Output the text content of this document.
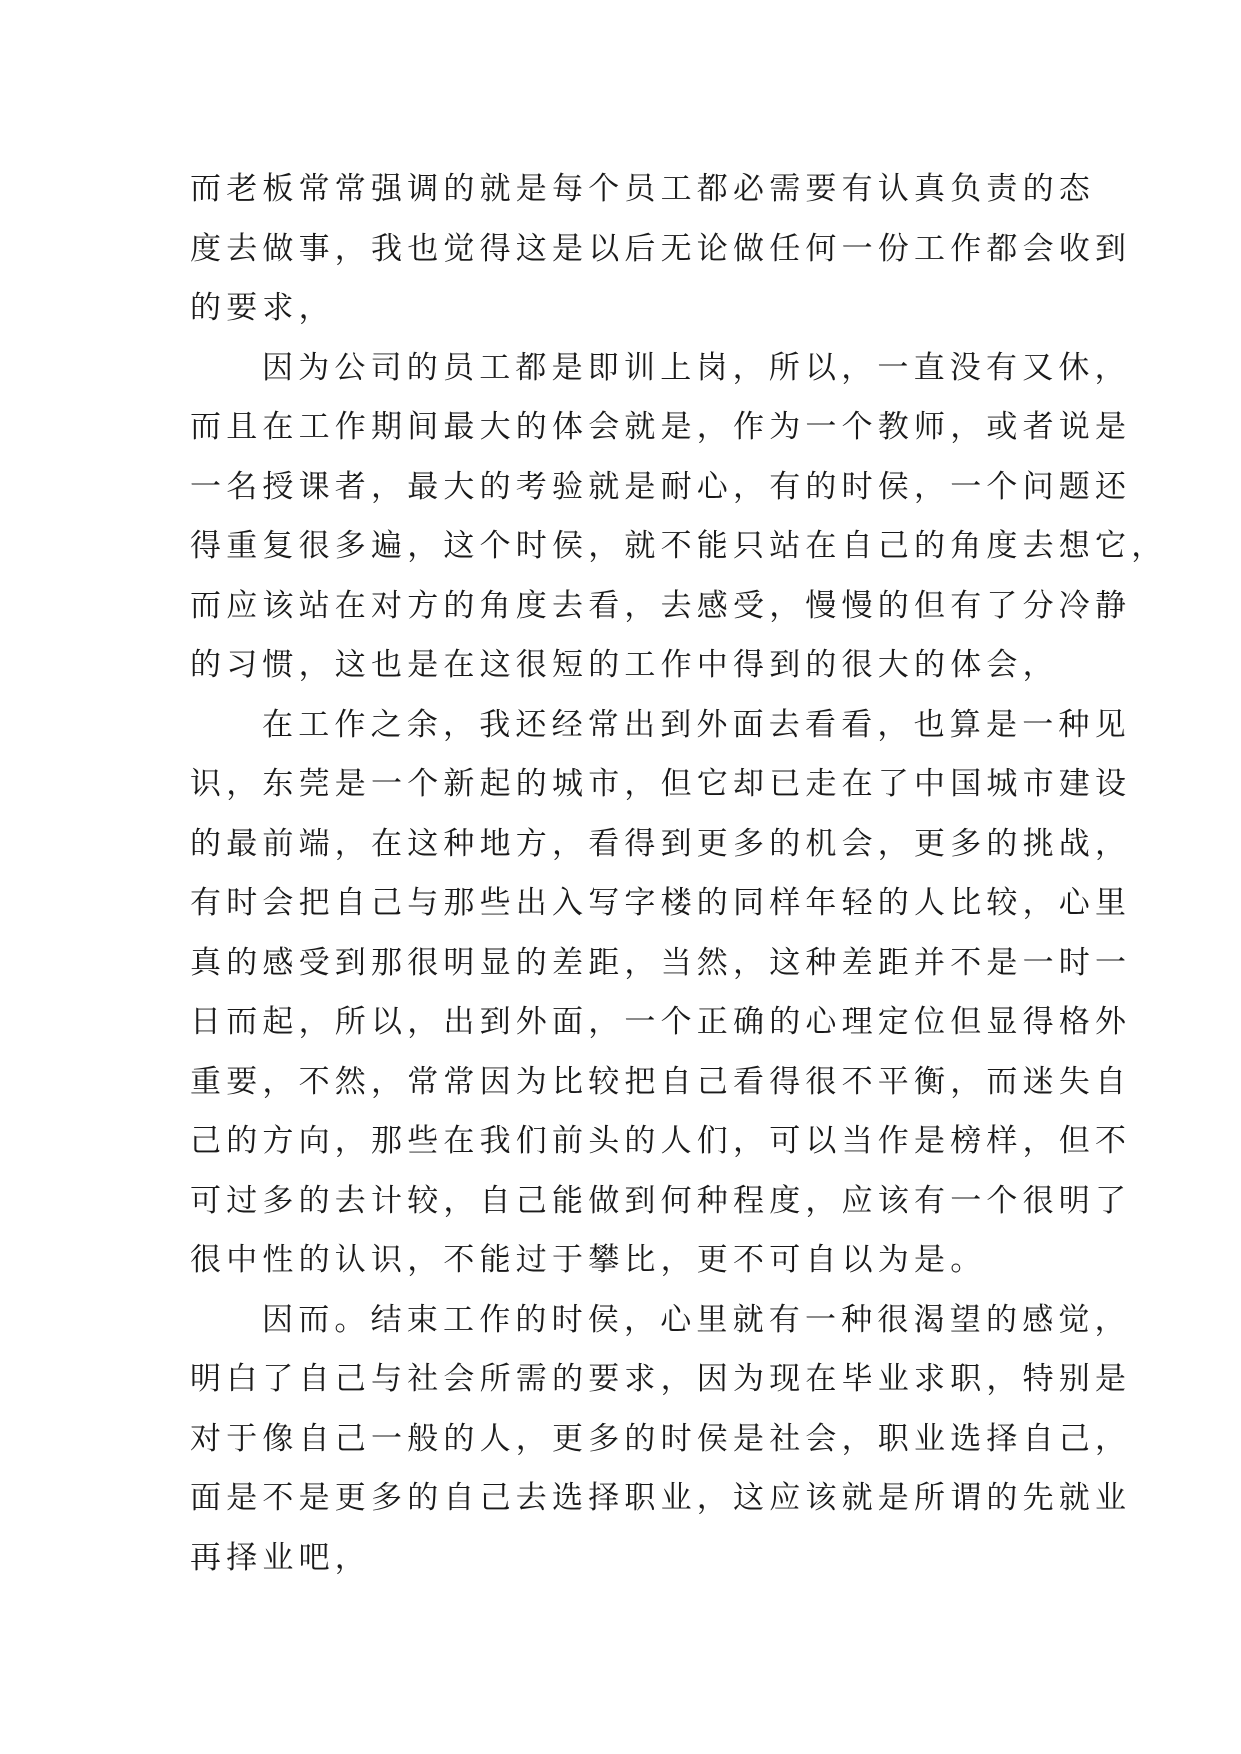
而老板常常强调的就是每个员工都必需要有认真负责的态
度去做事，我也觉得这是以后无论做任何一份工作都会收到
的要求，
因为公司的员工都是即训上岗，所以，一直没有又休，
而且在工作期间最大的体会就是，作为一个教师，或者说是
一名授课者，最大的考验就是耐心，有的时侯，一个问题还
得重复很多遍，这个时侯，就不能只站在自己的角度去想它，
而应该站在对方的角度去看，去感受，慢慢的但有了分冷静
的习惯，这也是在这很短的工作中得到的很大的体会，
在工作之余，我还经常出到外面去看看，也算是一种见
识，东莞是一个新起的城市，但它却已走在了中国城市建设
的最前端，在这种地方，看得到更多的机会，更多的挑战，
有时会把自己与那些出入写字楼的同样年轻的人比较，心里
真的感受到那很明显的差距，当然，这种差距并不是一时一
日而起，所以，出到外面，一个正确的心理定位但显得格外
重要，不然，常常因为比较把自己看得很不平衡，而迷失自
己的方向，那些在我们前头的人们，可以当作是榜样，但不
可过多的去计较，自己能做到何种程度，应该有一个很明了
很中性的认识，不能过于攀比，更不可自以为是。
因而。结束工作的时侯，心里就有一种很渴望的感觉，
明白了自己与社会所需的要求，因为现在毕业求职，特别是
对于像自己一般的人，更多的时侯是社会，职业选择自己，
面是不是更多的自己去选择职业，这应该就是所谓的先就业
再择业吧，
